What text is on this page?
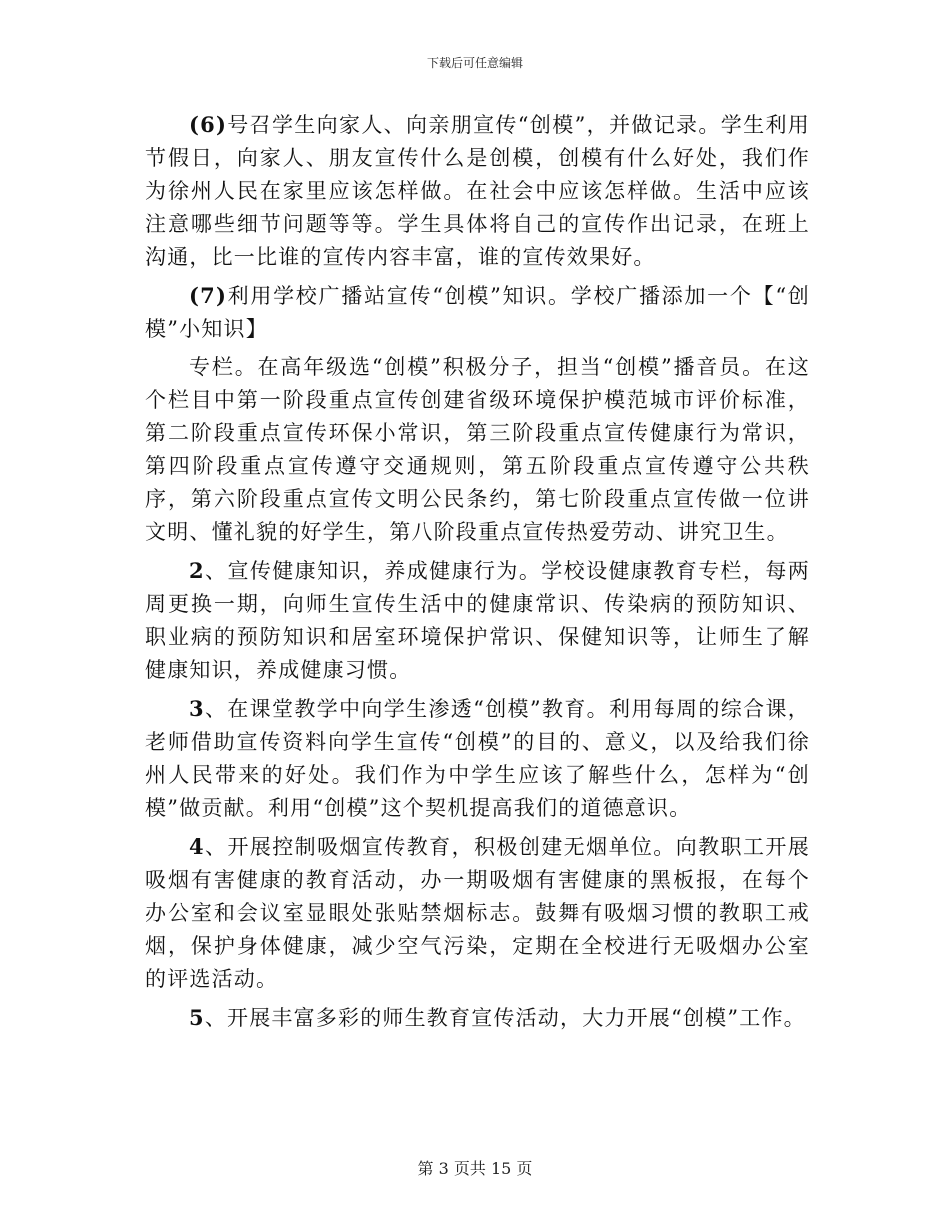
下载后可任意编辑

(6)号召学生向家人、向亲朋宣传“创模”，并做记录。学生利用节假日，向家人、朋友宣传什么是创模，创模有什么好处，我们作为徐州人民在家里应该怎样做。在社会中应该怎样做。生活中应该注意哪些细节问题等等。学生具体将自己的宣传作出记录，在班上沟通，比一比谁的宣传内容丰富，谁的宣传效果好。

(7)利用学校广播站宣传“创模”知识。学校广播添加一个【“创模”小知识】

专栏。在高年级选“创模”积极分子，担当“创模”播音员。在这个栏目中第一阶段重点宣传创建省级环境保护模范城市评价标准，第二阶段重点宣传环保小常识，第三阶段重点宣传健康行为常识，第四阶段重点宣传遵守交通规则，第五阶段重点宣传遵守公共秩序，第六阶段重点宣传文明公民条约，第七阶段重点宣传做一位讲文明、懂礼貌的好学生，第八阶段重点宣传热爱劳动、讲究卫生。

2、宣传健康知识，养成健康行为。学校设健康教育专栏，每两周更换一期，向师生宣传生活中的健康常识、传染病的预防知识、职业病的预防知识和居室环境保护常识、保健知识等，让师生了解健康知识，养成健康习惯。

3、在课堂教学中向学生渗透“创模”教育。利用每周的综合课，老师借助宣传资料向学生宣传“创模”的目的、意义，以及给我们徐州人民带来的好处。我们作为中学生应该了解些什么，怎样为“创模”做贡献。利用“创模”这个契机提高我们的道德意识。

4、开展控制吸烟宣传教育，积极创建无烟单位。向教职工开展吸烟有害健康的教育活动，办一期吸烟有害健康的黑板报，在每个办公室和会议室显眼处张贴禁烟标志。鼓舞有吸烟习惯的教职工戒烟，保护身体健康，减少空气污染，定期在全校进行无吸烟办公室的评选活动。

5、开展丰富多彩的师生教育宣传活动，大力开展“创模”工作。

第 3 页共 15 页
